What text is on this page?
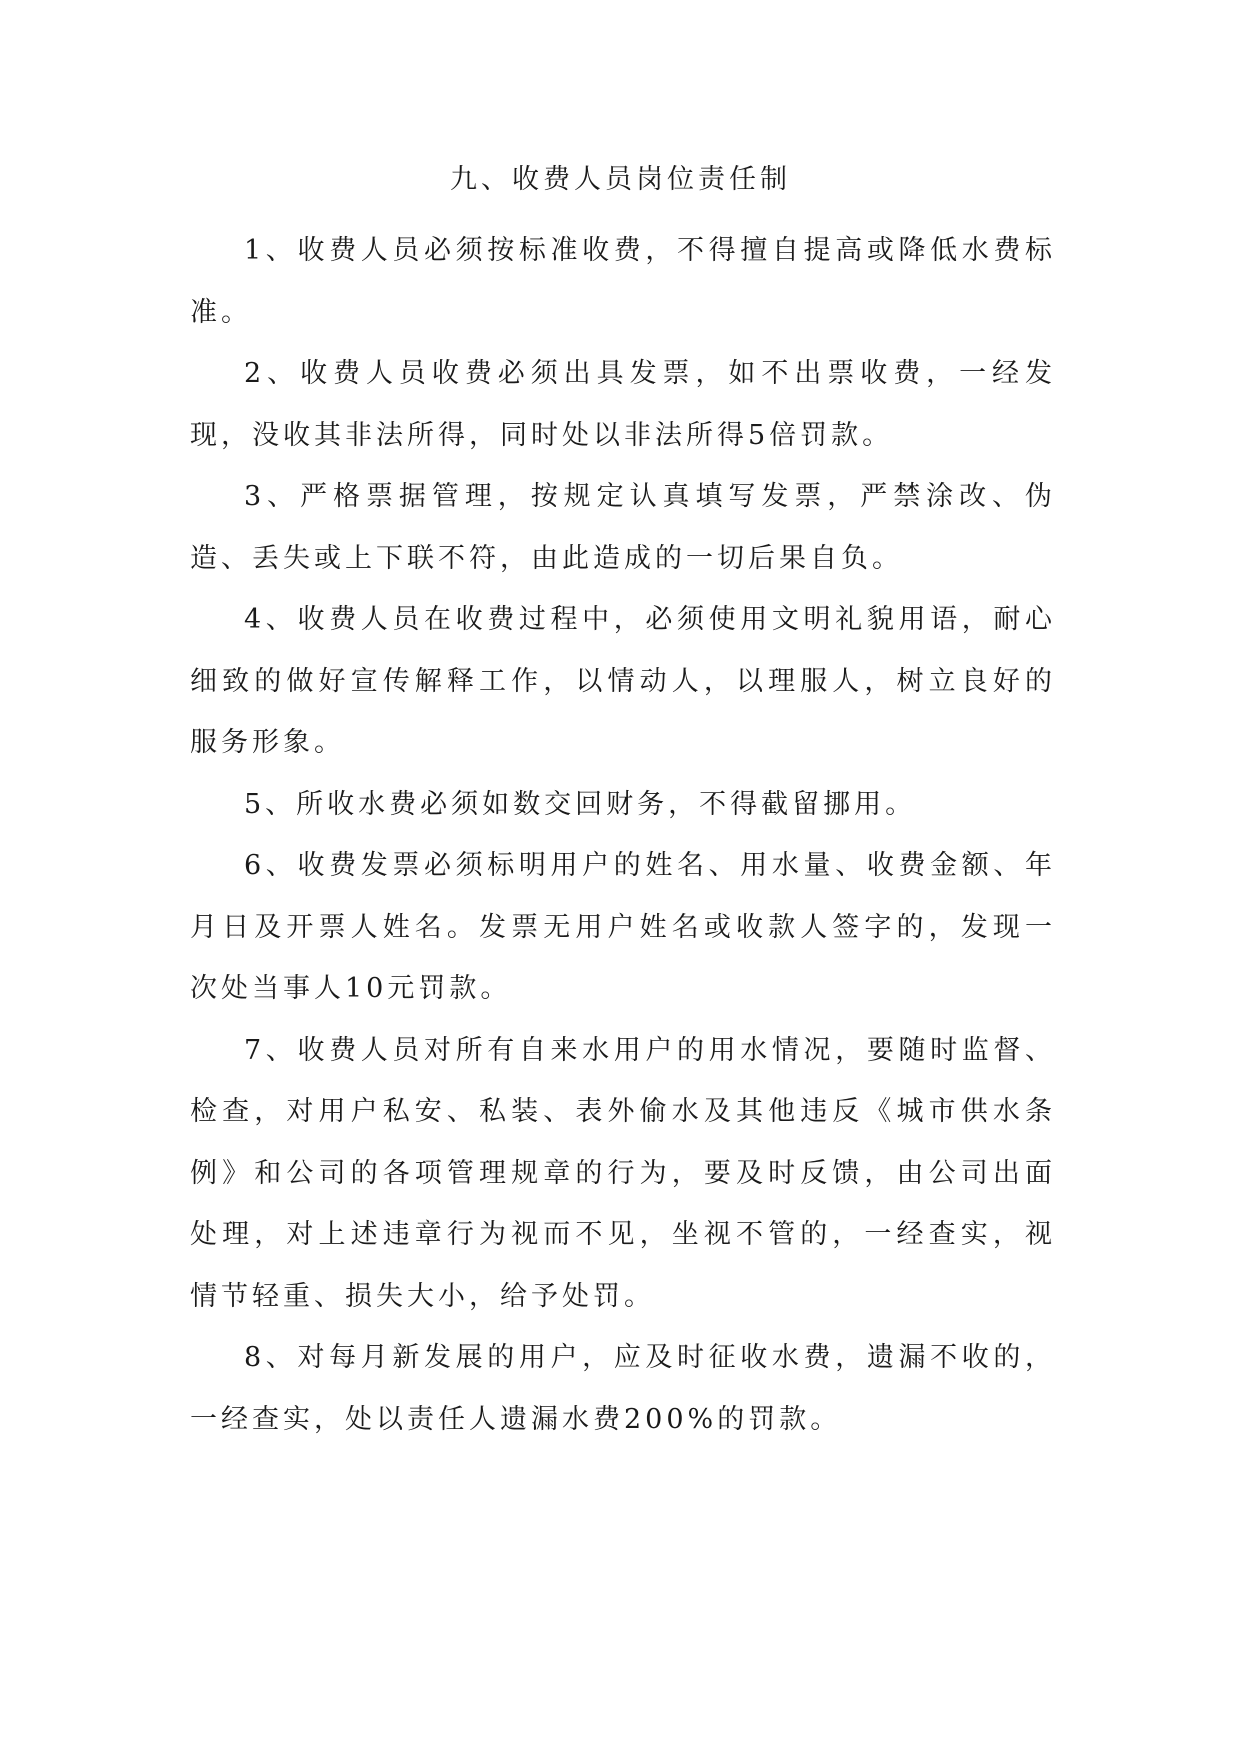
九、收费人员岗位责任制

1、收费人员必须按标准收费，不得擅自提高或降低水费标准。

2、收费人员收费必须出具发票，如不出票收费，一经发现，没收其非法所得，同时处以非法所得5倍罚款。

3、严格票据管理，按规定认真填写发票，严禁涂改、伪造、丢失或上下联不符，由此造成的一切后果自负。

4、收费人员在收费过程中，必须使用文明礼貌用语，耐心细致的做好宣传解释工作，以情动人，以理服人，树立良好的服务形象。

5、所收水费必须如数交回财务，不得截留挪用。

6、收费发票必须标明用户的姓名、用水量、收费金额、年月日及开票人姓名。发票无用户姓名或收款人签字的，发现一次处当事人10元罚款。

7、收费人员对所有自来水用户的用水情况，要随时监督、检查，对用户私安、私装、表外偷水及其他违反《城市供水条例》和公司的各项管理规章的行为，要及时反馈，由公司出面处理，对上述违章行为视而不见，坐视不管的，一经查实，视情节轻重、损失大小，给予处罚。

8、对每月新发展的用户，应及时征收水费，遗漏不收的，一经查实，处以责任人遗漏水费200%的罚款。
